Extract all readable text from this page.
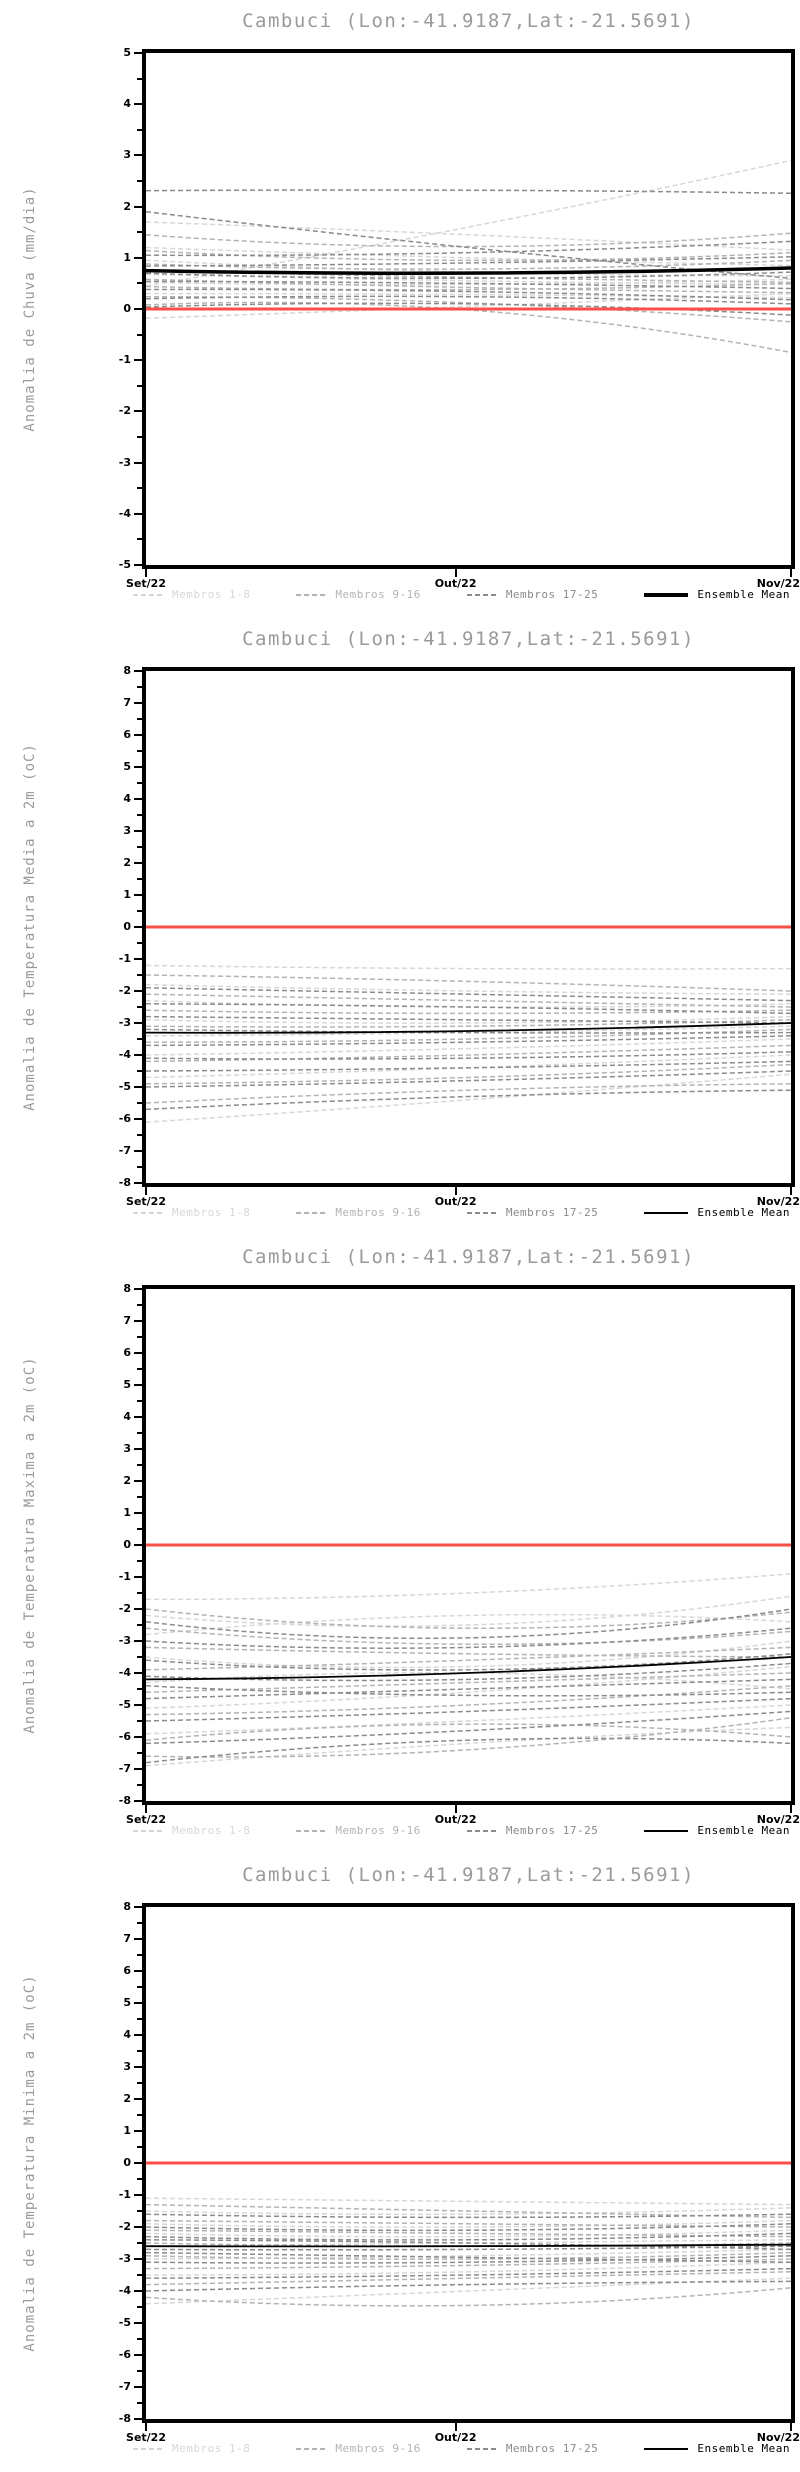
Cambuci (Lon:-41.9187,Lat:-21.5691)
Anomalia de Chuva (mm/dia)
-5
-4
-3
-2
-1
0
1
2
3
4
5
Set/22	Out/22	Nov/22
Membros 1-8	Membros 9-16	Membros 17-25	Ensemble Mean
Cambuci (Lon:-41.9187,Lat:-21.5691)
Anomalia de Temperatura Media a 2m (oC)
-8
-7
-6
-5
-4
-3
-2
-1
0
1
2
3
4
5
6
7
8
Set/22	Out/22	Nov/22
Membros 1-8	Membros 9-16	Membros 17-25	Ensemble Mean
Cambuci (Lon:-41.9187,Lat:-21.5691)
Anomalia de Temperatura Maxima a 2m (oC)
-8
-7
-6
-5
-4
-3
-2
-1
0
1
2
3
4
5
6
7
8
Set/22	Out/22	Nov/22
Membros 1-8	Membros 9-16	Membros 17-25	Ensemble Mean
Cambuci (Lon:-41.9187,Lat:-21.5691)
Anomalia de Temperatura Minima a 2m (oC)
-8
-7
-6
-5
-4
-3
-2
-1
0
1
2
3
4
5
6
7
8
Set/22	Out/22	Nov/22
Membros 1-8	Membros 9-16	Membros 17-25	Ensemble Mean
